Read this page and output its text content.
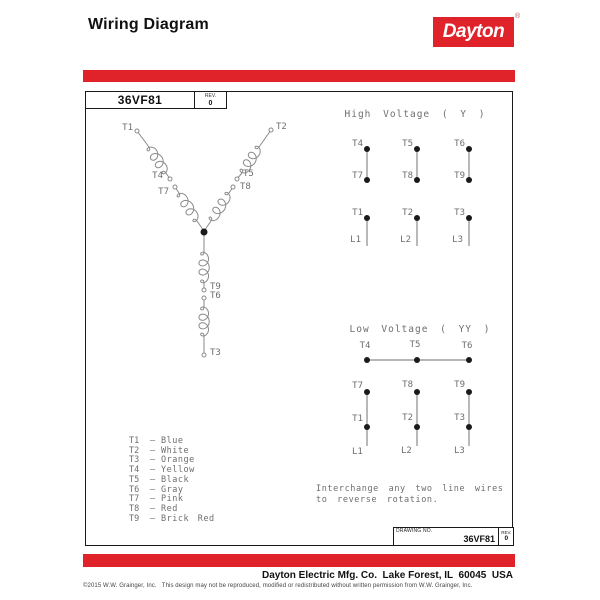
Wiring Diagram	Dayton
®
36VF81	REV.
0
T1	T2
T4	T5
T7	T8
T9
T6
T3
High Voltage ( Y )
T4	T5	T6
T7	T8	T9
T1	T2	T3
L1	L2	L3
Low Voltage ( YY )
T4	T5	T6
T7	T8	T9
T1	T2	T3
L1	L2	L3
T1	– Blue
T2	– White
T3	– Orange
T4	– Yellow
T5	– Black
T6	– Gray
T7	– Pink
T8	– Red
T9	– Brick Red
Interchange any two line wires
to reverse rotation.
DRAWING NO.
36VF81
REV.
0
Dayton Electric Mfg. Co.  Lake Forest, IL  60045  USA
©2015 W.W. Grainger, Inc.   This design may not be reproduced, modified or redistributed without written permission from W.W. Grainger, Inc.
